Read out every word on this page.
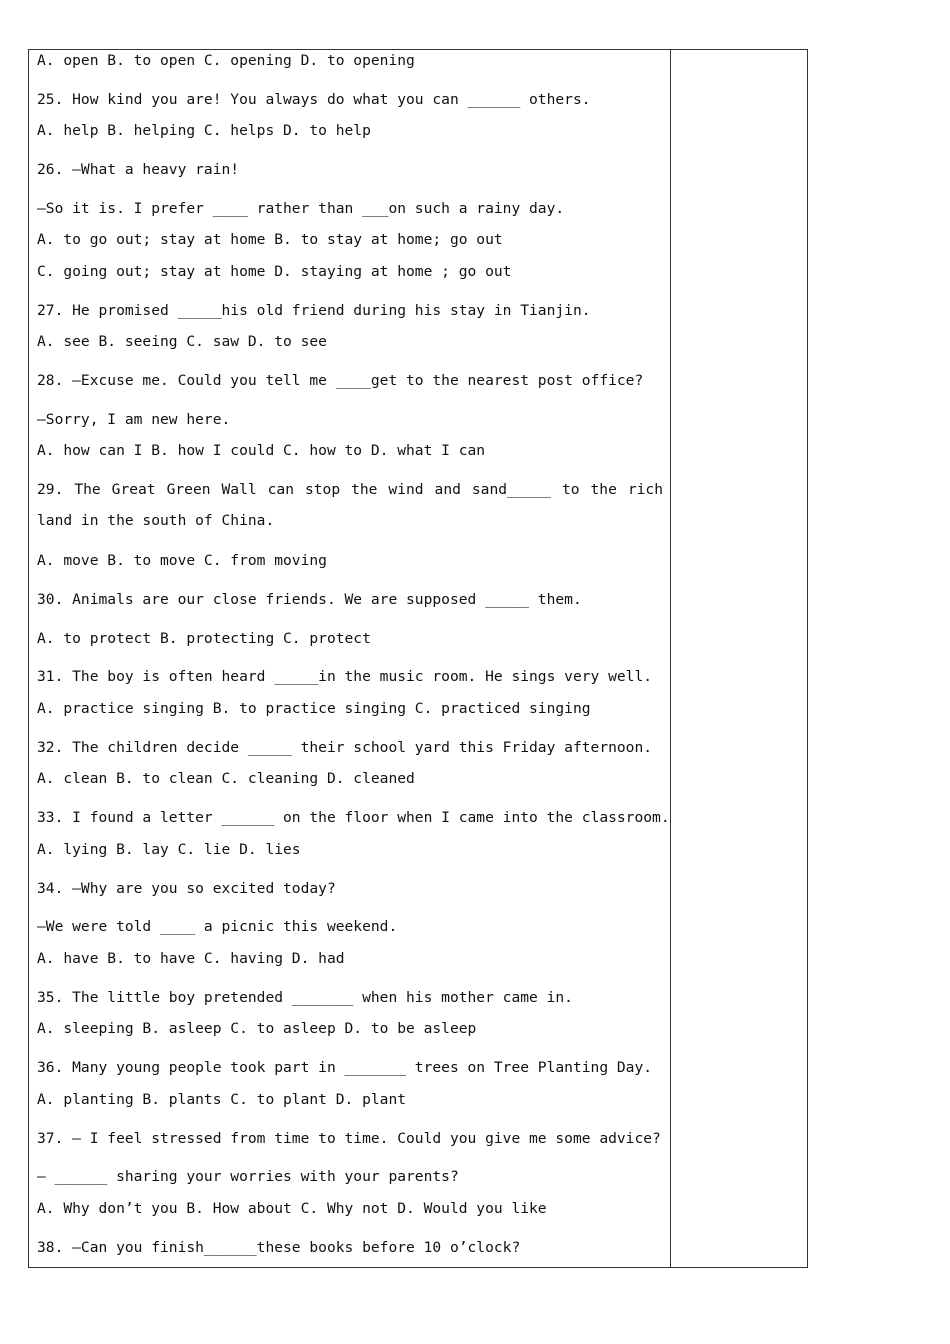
A. open B. to open C. opening D. to opening
25. How kind you are! You always do what you can ______ others.
A. help B. helping C. helps D. to help
26. —What a heavy rain!
—So it is. I prefer ____ rather than ___on such a rainy day.
A. to go out; stay at home B. to stay at home; go out
C. going out; stay at home D. staying at home ; go out
27. He promised _____his old friend during his stay in Tianjin.
A. see B. seeing C. saw D. to see
28. —Excuse me. Could you tell me ____get to the nearest post office?
—Sorry, I am new here.
A. how can I B. how I could C. how to D. what I can
29. The Great Green Wall can stop the wind and sand_____ to the rich land in the south of China.
A. move B. to move C. from moving
30. Animals are our close friends. We are supposed _____ them.
A. to protect B. protecting C. protect
31. The boy is often heard _____in the music room. He sings very well.
A. practice singing B. to practice singing C. practiced singing
32. The children decide _____ their school yard this Friday afternoon.
A. clean B. to clean C. cleaning D. cleaned
33. I found a letter ______ on the floor when I came into the classroom.
A. lying B. lay C. lie D. lies
34. —Why are you so excited today?
—We were told ____ a picnic this weekend.
A. have B. to have C. having D. had
35. The little boy pretended _______ when his mother came in.
A. sleeping B. asleep C. to asleep D. to be asleep
36. Many young people took part in _______ trees on Tree Planting Day.
A. planting B. plants C. to plant D. plant
37. — I feel stressed from time to time. Could you give me some advice?
— ______ sharing your worries with your parents?
A. Why don’t you B. How about C. Why not D. Would you like
38. —Can you finish______these books before 10 o’clock?
